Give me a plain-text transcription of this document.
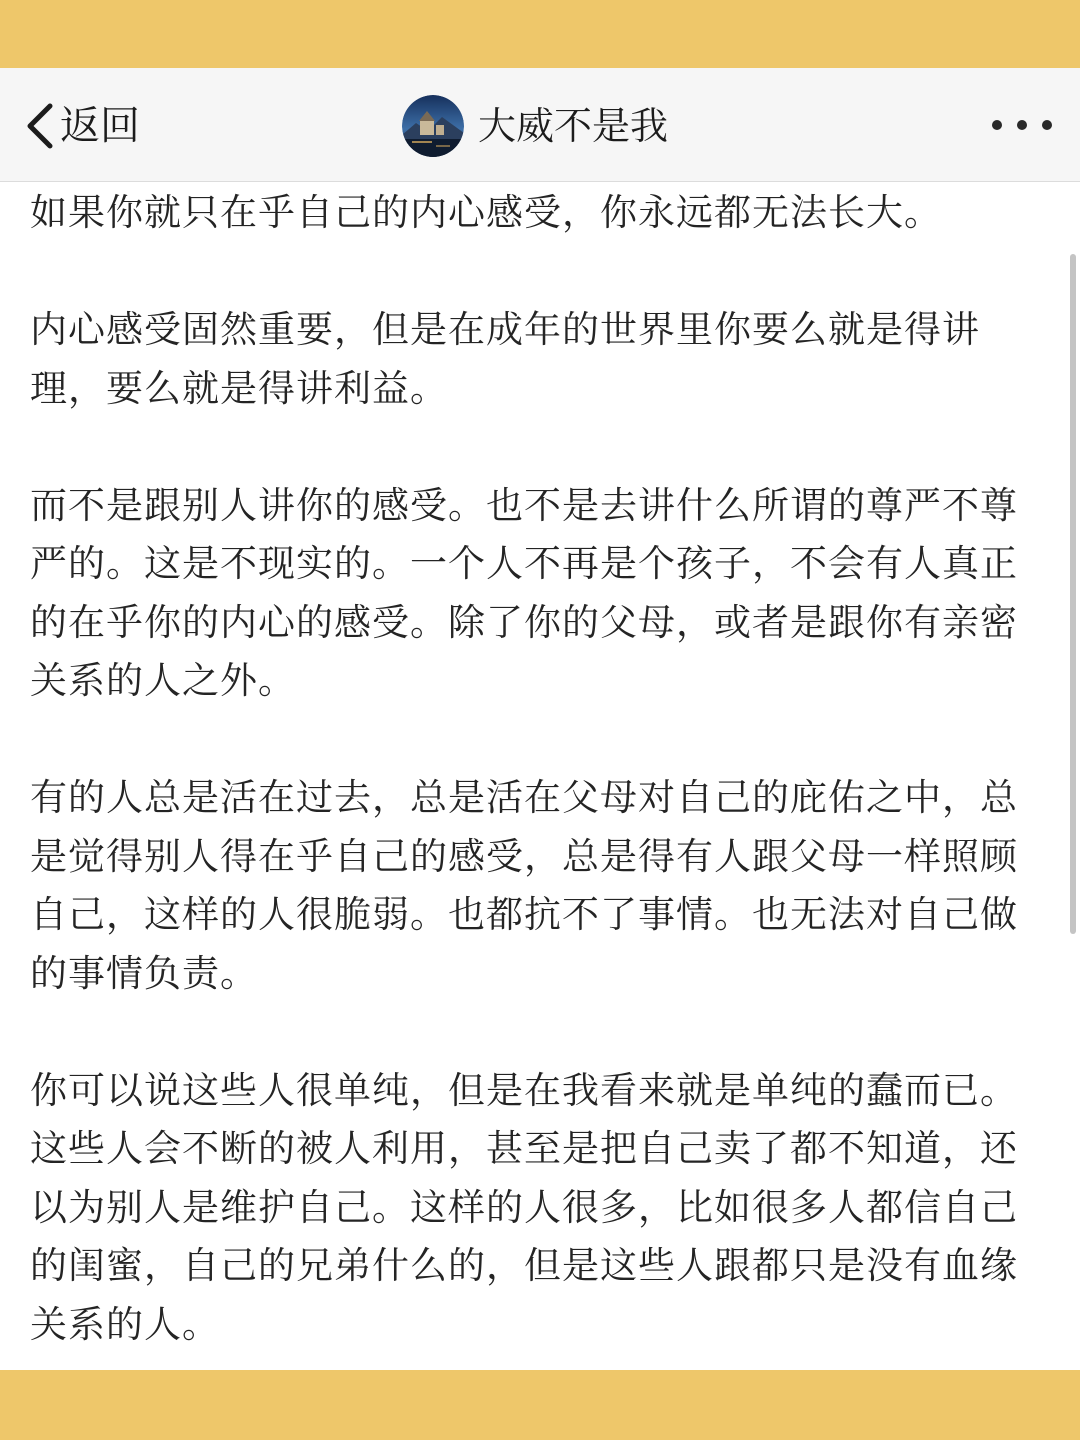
返回	大威不是我

如果你就只在乎自己的内心感受，你永远都无法长大。

内心感受固然重要，但是在成年的世界里你要么就是得讲理，要么就是得讲利益。

而不是跟别人讲你的感受。也不是去讲什么所谓的尊严不尊严的。这是不现实的。一个人不再是个孩子，不会有人真正的在乎你的内心的感受。除了你的父母，或者是跟你有亲密关系的人之外。

有的人总是活在过去，总是活在父母对自己的庇佑之中，总是觉得别人得在乎自己的感受，总是得有人跟父母一样照顾自己，这样的人很脆弱。也都抗不了事情。也无法对自己做的事情负责。

你可以说这些人很单纯，但是在我看来就是单纯的蠢而已。这些人会不断的被人利用，甚至是把自己卖了都不知道，还以为别人是维护自己。这样的人很多，比如很多人都信自己的闺蜜，自己的兄弟什么的，但是这些人跟都只是没有血缘关系的人。
